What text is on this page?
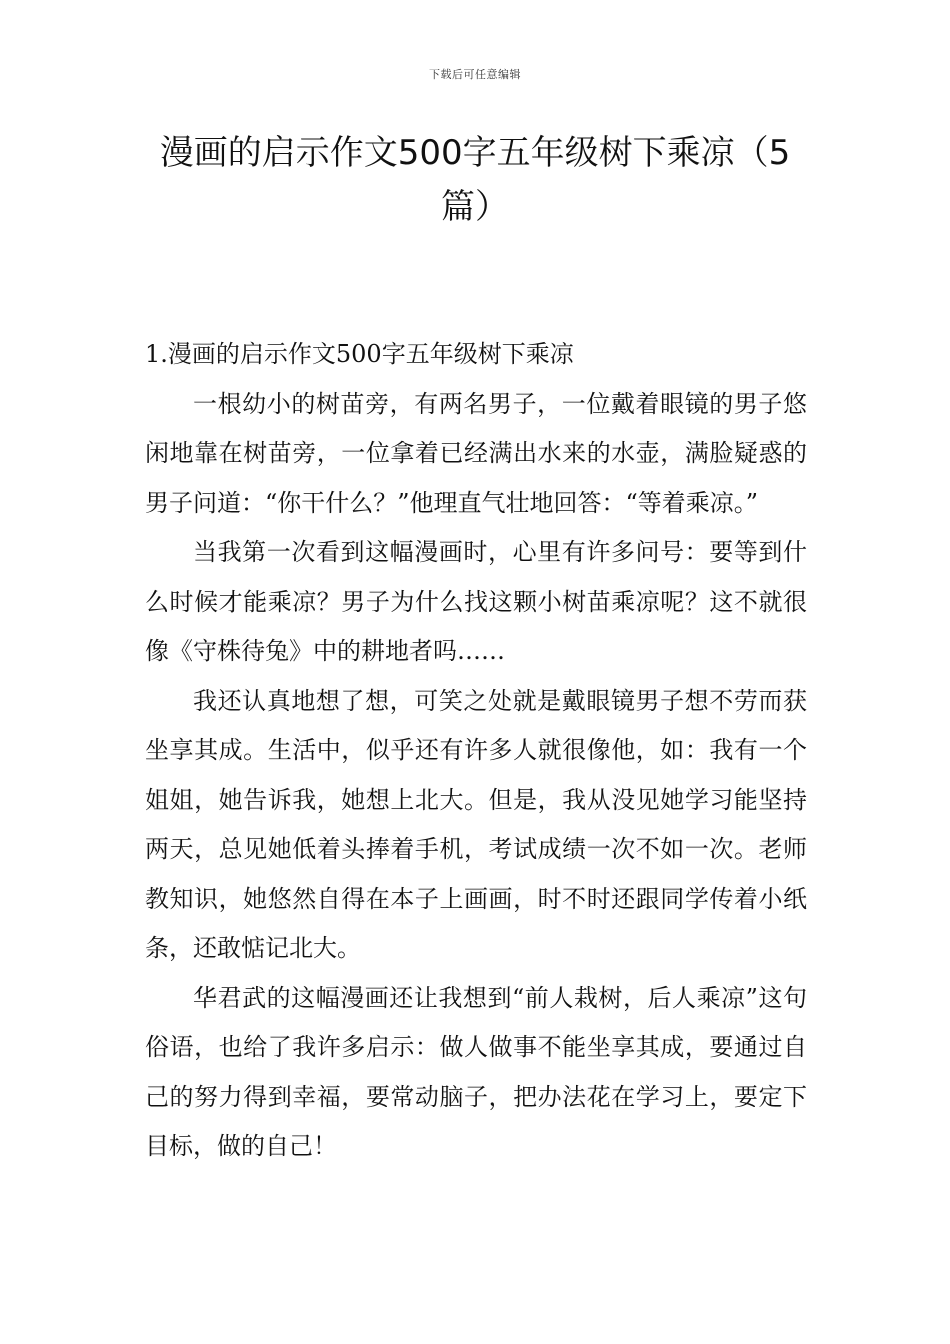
下载后可任意编辑
漫画的启示作文500字五年级树下乘凉（5篇）
1.漫画的启示作文500字五年级树下乘凉

一根幼小的树苗旁，有两名男子，一位戴着眼镜的男子悠闲地靠在树苗旁，一位拿着已经满出水来的水壶，满脸疑惑的男子问道：“你干什么？”他理直气壮地回答：“等着乘凉。”

当我第一次看到这幅漫画时，心里有许多问号：要等到什么时候才能乘凉？男子为什么找这颗小树苗乘凉呢？这不就很像《守株待兔》中的耕地者吗……

我还认真地想了想，可笑之处就是戴眼镜男子想不劳而获坐享其成。生活中，似乎还有许多人就很像他，如：我有一个姐姐，她告诉我，她想上北大。但是，我从没见她学习能坚持两天，总见她低着头捧着手机，考试成绩一次不如一次。老师教知识，她悠然自得在本子上画画，时不时还跟同学传着小纸条，还敢惦记北大。

华君武的这幅漫画还让我想到“前人栽树，后人乘凉”这句俗语，也给了我许多启示：做人做事不能坐享其成，要通过自己的努力得到幸福，要常动脑子，把办法花在学习上，要定下目标，做的自己！
